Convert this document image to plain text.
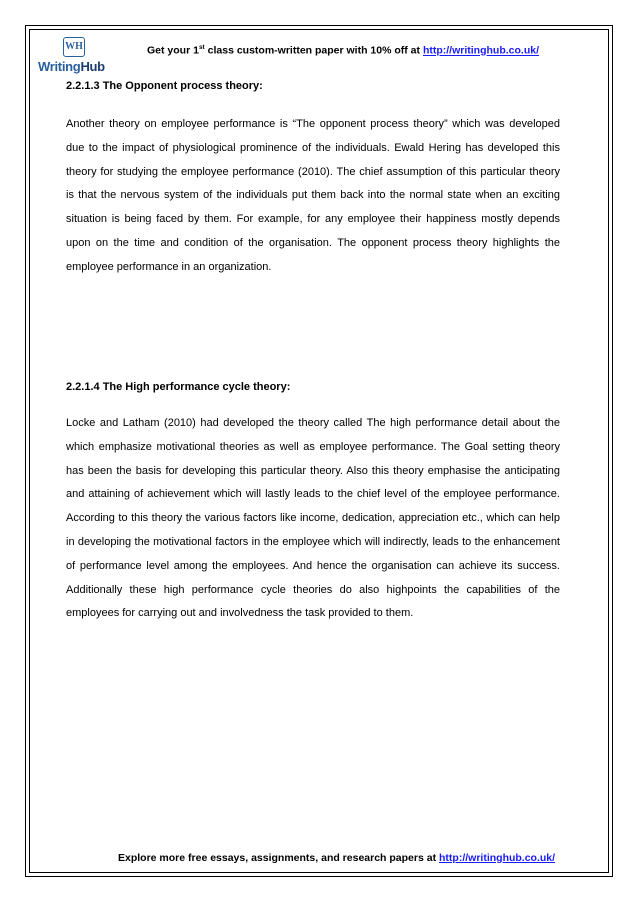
WH
WritingHub
Get your 1st class custom-written paper with 10% off at http://writinghub.co.uk/
2.2.1.3 The Opponent process theory:

Another theory on employee performance is “The opponent process theory” which was developed due to the impact of physiological prominence of the individuals. Ewald Hering has developed this theory for studying the employee performance (2010). The chief assumption of this particular theory is that the nervous system of the individuals put them back into the normal state when an exciting situation is being faced by them. For example, for any employee their happiness mostly depends upon on the time and condition of the organisation. The opponent process theory highlights the employee performance in an organization.

2.2.1.4 The High performance cycle theory:

Locke and Latham (2010) had developed the theory called The high performance detail about the which emphasize motivational theories as well as employee performance. The Goal setting theory has been the basis for developing this particular theory. Also this theory emphasise the anticipating and attaining of achievement which will lastly leads to the chief level of the employee performance. According to this theory the various factors like income, dedication, appreciation etc., which can help in developing the motivational factors in the employee which will indirectly, leads to the enhancement of performance level among the employees. And hence the organisation can achieve its success. Additionally these high performance cycle theories do also highpoints the capabilities of the employees for carrying out and involvedness the task provided to them.

Explore more free essays, assignments, and research papers at http://writinghub.co.uk/
